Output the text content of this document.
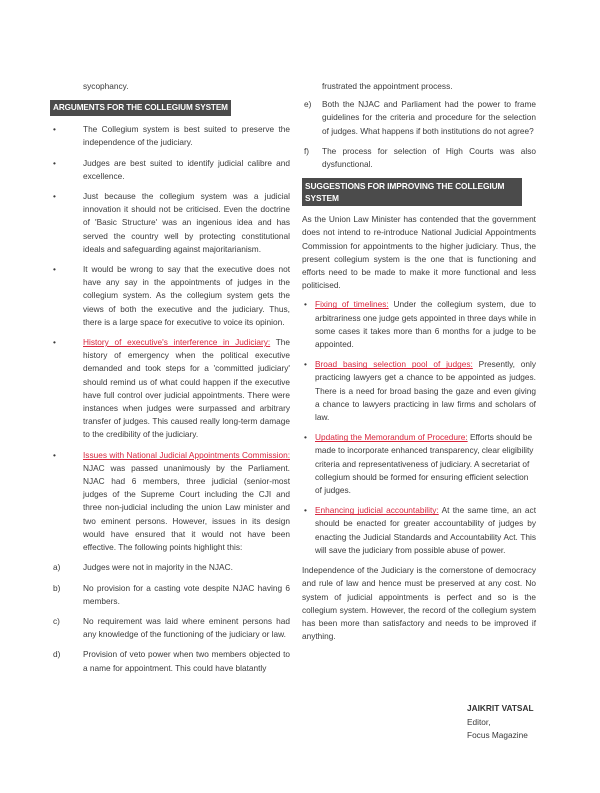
sycophancy.

ARGUMENTS FOR THE COLLEGIUM SYSTEM
•	The Collegium system is best suited to preserve the independence of the judiciary.
•	Judges are best suited to identify judicial calibre and excellence.
•	Just because the collegium system was a judicial innovation it should not be criticised. Even the doctrine of 'Basic Structure' was an ingenious idea and has served the country well by protecting constitutional ideals and safeguarding against majoritarianism.
•	It would be wrong to say that the executive does not have any say in the appointments of judges in the collegium system. As the collegium system gets the views of both the executive and the judiciary. Thus, there is a large space for executive to voice its opinion.
•	History of executive's interference in Judiciary: The history of emergency when the political executive demanded and took steps for a 'committed judiciary' should remind us of what could happen if the executive have full control over judicial appointments. There were instances when judges were surpassed and arbitrary transfer of judges. This caused really long-term damage to the credibility of the judiciary.
•	Issues with National Judicial Appointments Commission: NJAC was passed unanimously by the Parliament. NJAC had 6 members, three judicial (senior-most judges of the Supreme Court including the CJI and three non-judicial including the union Law minister and two eminent persons. However, issues in its design would have ensured that it would not have been effective. The following points highlight this:
a)	Judges were not in majority in the NJAC.
b)	No provision for a casting vote despite NJAC having 6 members.
c)	No requirement was laid where eminent persons had any knowledge of the functioning of the judiciary or law.
d)	Provision of veto power when two members objected to a name for appointment. This could have blatantly

frustrated the appointment process.

e) Both the NJAC and Parliament had the power to frame guidelines for the criteria and procedure for the selection of judges. What happens if both institutions do not agree?
f) The process for selection of High Courts was also dysfunctional.
SUGGESTIONS FOR IMPROVING THE COLLEGIUM SYSTEM

As the Union Law Minister has contended that the government does not intend to re-introduce National Judicial Appointments Commission for appointments to the higher judiciary. Thus, the present collegium system is the one that is functioning and efforts need to be made to make it more functional and less politicised.

• Fixing of timelines: Under the collegium system, due to arbitrariness one judge gets appointed in three days while in some cases it takes more than 6 months for a judge to be appointed.
• Broad basing selection pool of judges: Presently, only practicing lawyers get a chance to be appointed as judges. There is a need for broad basing the gaze and even giving a chance to lawyers practicing in law firms and scholars of law.
• Updating the Memorandum of Procedure: Efforts should be made to incorporate enhanced transparency, clear eligibility criteria and representativeness of judiciary. A secretariat of collegium should be formed for ensuring efficient selection of judges.
• Enhancing judicial accountability: At the same time, an act should be enacted for greater accountability of judges by enacting the Judicial Standards and Accountability Act. This will save the judiciary from possible abuse of power.

Independence of the Judiciary is the cornerstone of democracy and rule of law and hence must be preserved at any cost. No system of judicial appointments is perfect and so is the collegium system. However, the record of the collegium system has been more than satisfactory and needs to be improved if anything.

JAIKRIT VATSAL
Editor,
Focus Magazine
